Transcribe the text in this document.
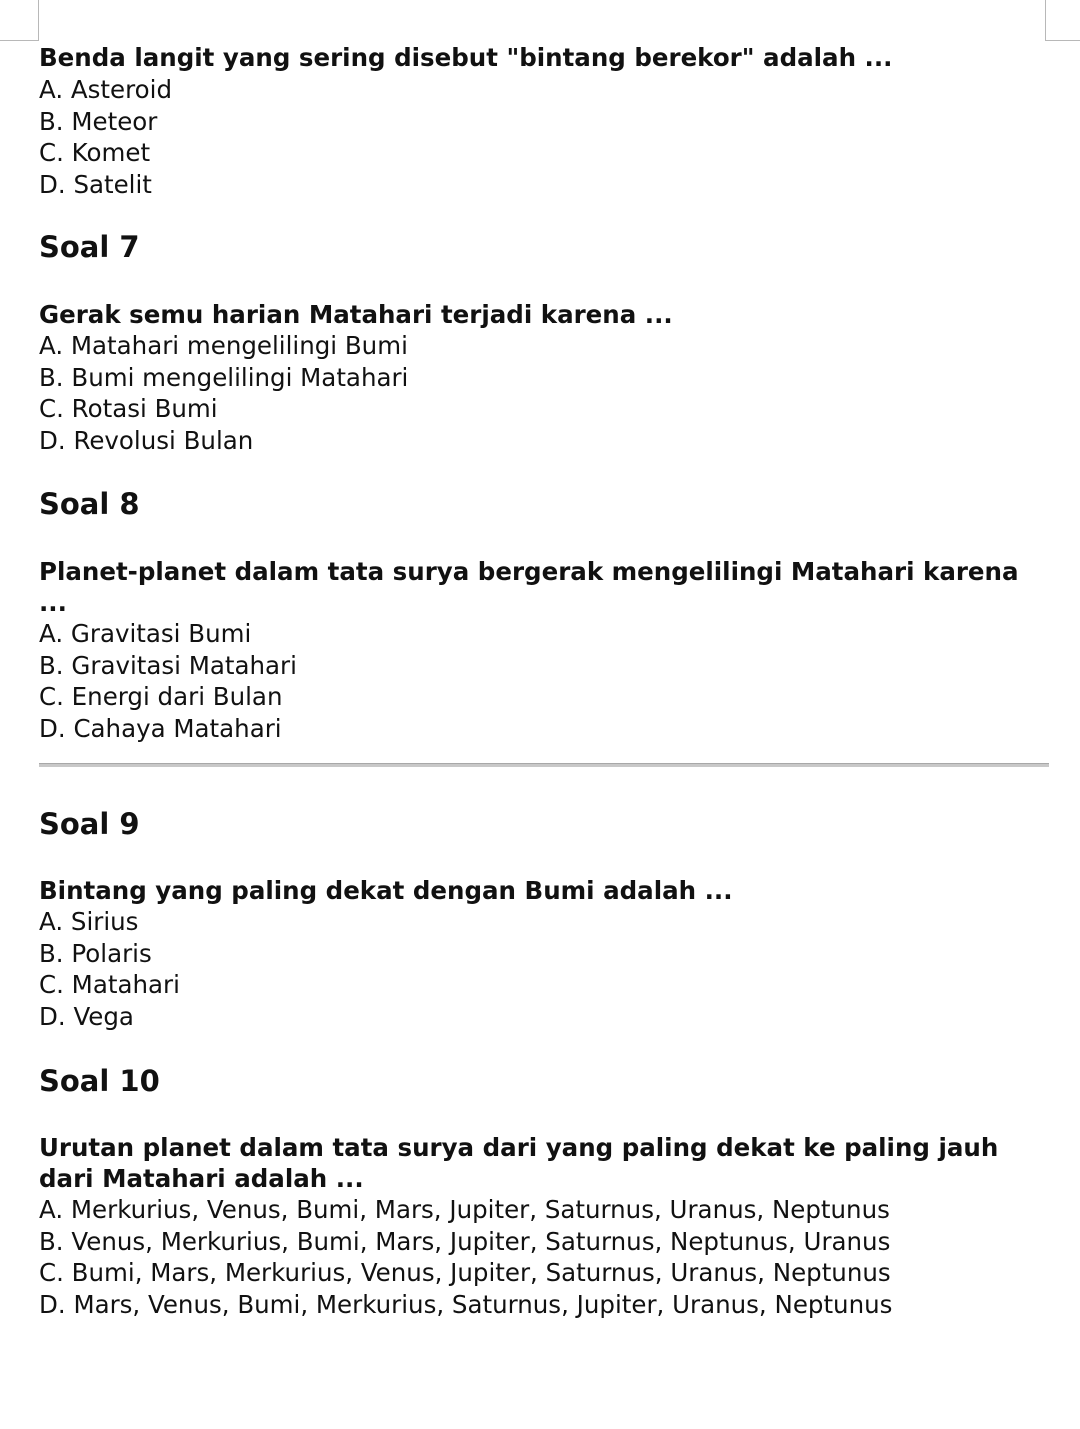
Benda langit yang sering disebut "bintang berekor" adalah ...

A. Asteroid

B. Meteor

C. Komet

D. Satelit

Soal 7

Gerak semu harian Matahari terjadi karena ...

A. Matahari mengelilingi Bumi

B. Bumi mengelilingi Matahari

C. Rotasi Bumi

D. Revolusi Bulan

Soal 8

Planet-planet dalam tata surya bergerak mengelilingi Matahari karena ...

A. Gravitasi Bumi

B. Gravitasi Matahari

C. Energi dari Bulan

D. Cahaya Matahari

Soal 9

Bintang yang paling dekat dengan Bumi adalah ...

A. Sirius

B. Polaris

C. Matahari

D. Vega

Soal 10

Urutan planet dalam tata surya dari yang paling dekat ke paling jauh

dari Matahari adalah ...

A. Merkurius, Venus, Bumi, Mars, Jupiter, Saturnus, Uranus, Neptunus

B. Venus, Merkurius, Bumi, Mars, Jupiter, Saturnus, Neptunus, Uranus

C. Bumi, Mars, Merkurius, Venus, Jupiter, Saturnus, Uranus, Neptunus

D. Mars, Venus, Bumi, Merkurius, Saturnus, Jupiter, Uranus, Neptunus
